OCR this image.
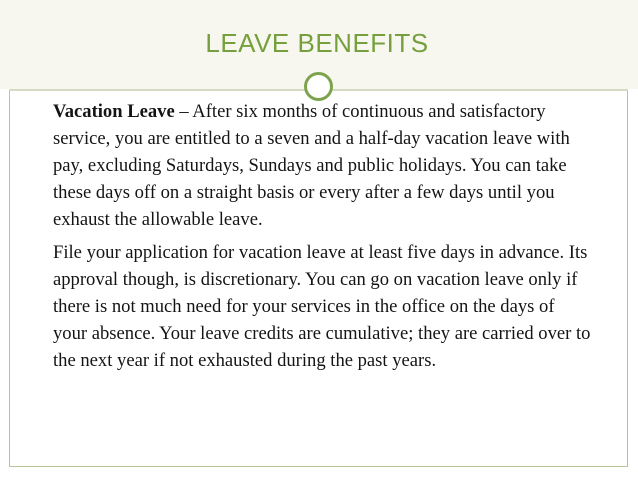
LEAVE BENEFITS

Vacation Leave – After six months of continuous and satisfactory service, you are entitled to a seven and a half-day vacation leave with pay, excluding Saturdays, Sundays and public holidays. You can take these days off on a straight basis or every after a few days until you exhaust the allowable leave.

File your application for vacation leave at least five days in advance. Its approval though, is discretionary. You can go on vacation leave only if there is not much need for your services in the office on the days of your absence. Your leave credits are cumulative; they are carried over to the next year if not exhausted during the past years.
